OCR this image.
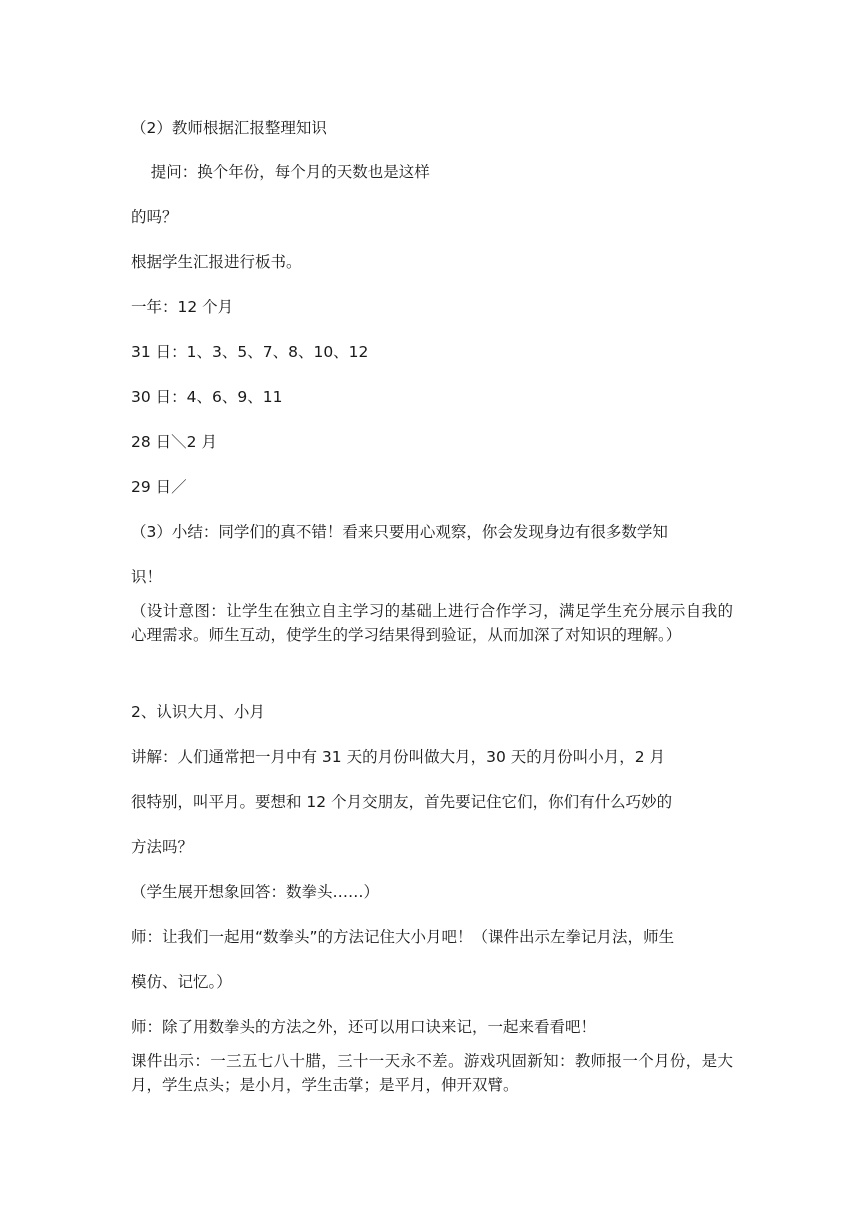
（2）教师根据汇报整理知识
提问：换个年份，每个月的天数也是这样
的吗？
根据学生汇报进行板书。
一年：12 个月
31 日：1、3、5、7、8、10、12
30 日：4、6、9、11
28 日＼2 月
29 日／
（3）小结：同学们的真不错！看来只要用心观察，你会发现身边有很多数学知
识！
（设计意图：让学生在独立自主学习的基础上进行合作学习，满足学生充分展示自我的心理需求。师生互动，使学生的学习结果得到验证，从而加深了对知识的理解。）
2、认识大月、小月
讲解：人们通常把一月中有 31 天的月份叫做大月，30 天的月份叫小月，2 月
很特别，叫平月。要想和 12 个月交朋友，首先要记住它们，你们有什么巧妙的
方法吗？
（学生展开想象回答：数拳头……）
师：让我们一起用“数拳头”的方法记住大小月吧！（课件出示左拳记月法，师生
模仿、记忆。）
师：除了用数拳头的方法之外，还可以用口诀来记，一起来看看吧！
课件出示：一三五七八十腊，三十一天永不差。游戏巩固新知：教师报一个月份，是大月，学生点头；是小月，学生击掌；是平月，伸开双臂。
